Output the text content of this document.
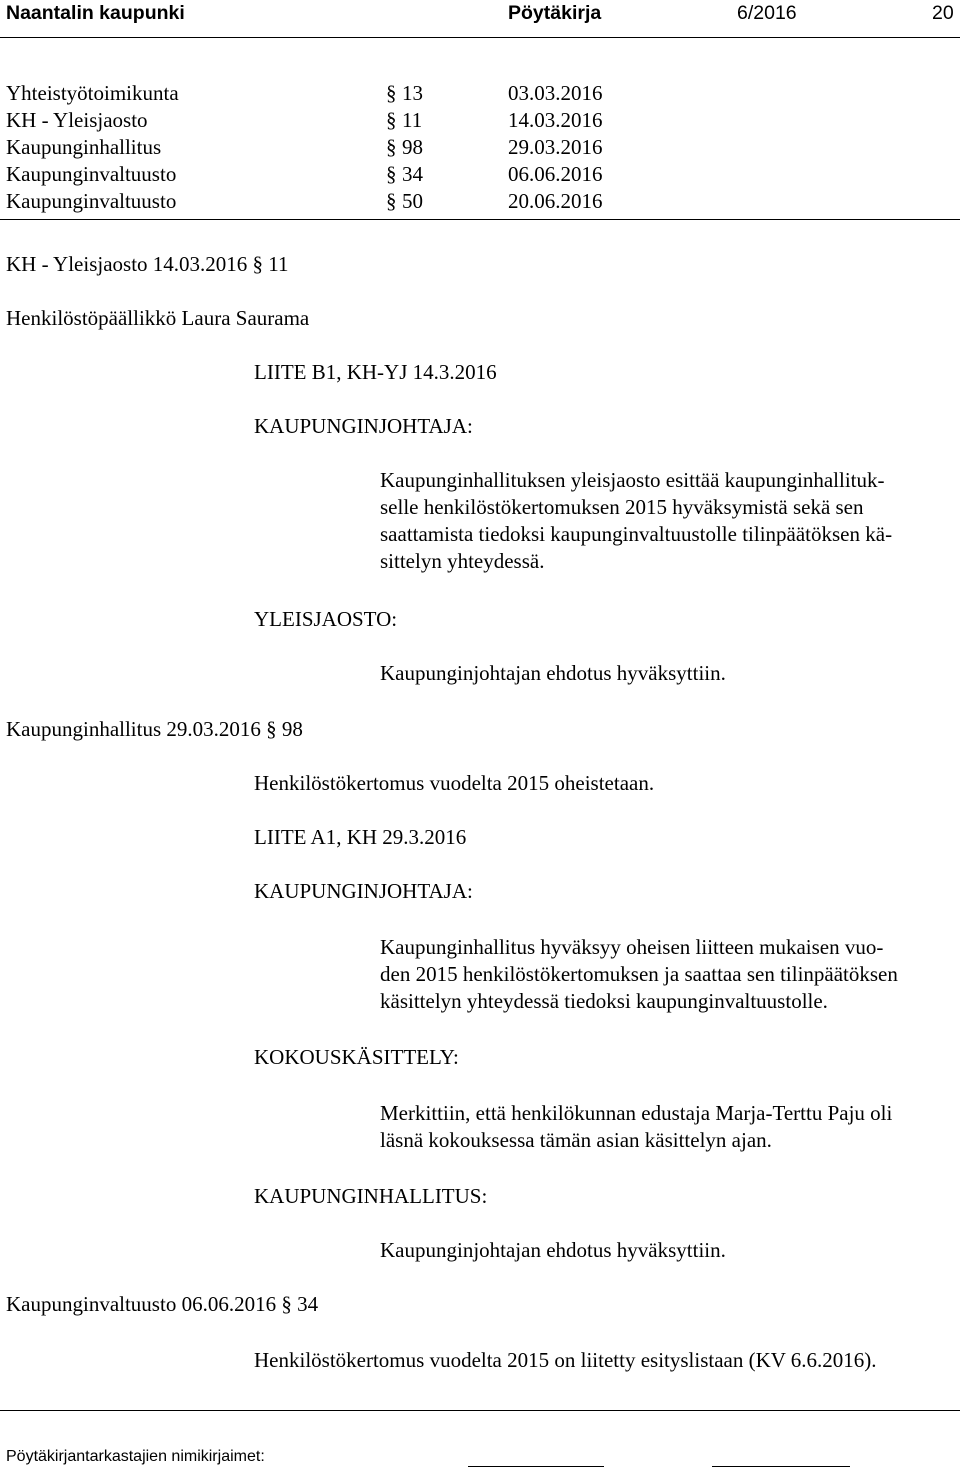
Naantalin kaupunki	Pöytäkirja	6/2016	20
Yhteistyötoimikunta	§ 13	03.03.2016
KH - Yleisjaosto	§ 11	14.03.2016
Kaupunginhallitus	§ 98	29.03.2016
Kaupunginvaltuusto	§ 34	06.06.2016
Kaupunginvaltuusto	§ 50	20.06.2016
KH - Yleisjaosto 14.03.2016 § 11
Henkilöstöpäällikkö Laura Saurama
LIITE B1, KH-YJ 14.3.2016
KAUPUNGINJOHTAJA:
Kaupunginhallituksen yleisjaosto esittää kaupunginhallituk-
selle henkilöstökertomuksen 2015 hyväksymistä sekä sen
saattamista tiedoksi kaupunginvaltuustolle tilinpäätöksen kä-
sittelyn yhteydessä.
YLEISJAOSTO:
Kaupunginjohtajan ehdotus hyväksyttiin.
Kaupunginhallitus 29.03.2016 § 98
Henkilöstökertomus vuodelta 2015 oheistetaan.
LIITE A1, KH 29.3.2016
KAUPUNGINJOHTAJA:
Kaupunginhallitus hyväksyy oheisen liitteen mukaisen vuo-
den 2015 henkilöstökertomuksen ja saattaa sen tilinpäätöksen
käsittelyn yhteydessä tiedoksi kaupunginvaltuustolle.
KOKOUSKÄSITTELY:
Merkittiin, että henkilökunnan edustaja Marja-Terttu Paju oli
läsnä kokouksessa tämän asian käsittelyn ajan.
KAUPUNGINHALLITUS:
Kaupunginjohtajan ehdotus hyväksyttiin.
Kaupunginvaltuusto 06.06.2016 § 34
Henkilöstökertomus vuodelta 2015 on liitetty esityslistaan (KV 6.6.2016).
Pöytäkirjantarkastajien nimikirjaimet:
